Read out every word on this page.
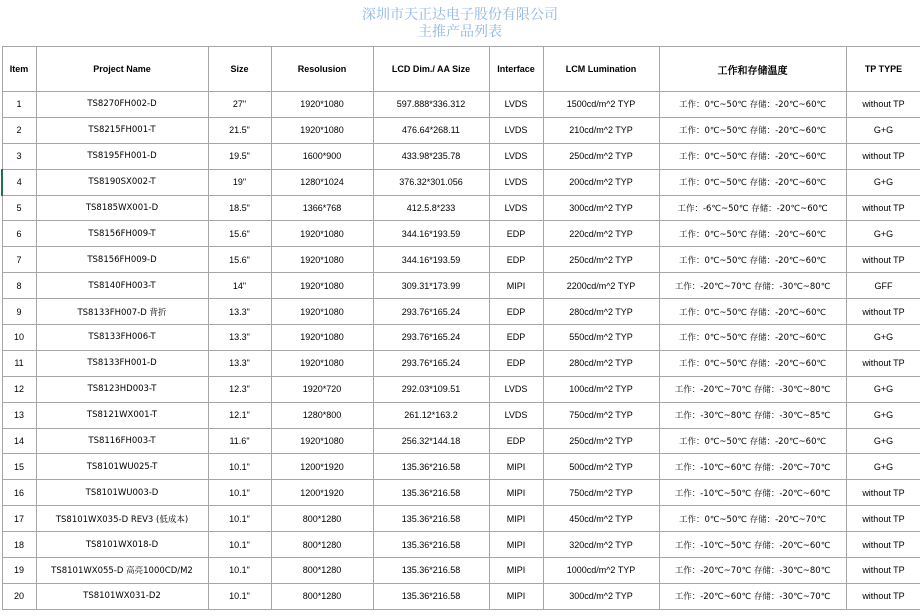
深圳市天正达电子股份有限公司
主推产品列表
Item	Project Name	Size	Resolusion	LCD Dim./ AA Size	Interface	LCM Lumination	工作和存储温度	TP TYPE
1	TS8270FH002-D	27"	1920*1080	597.888*336.312	LVDS	1500cd/m^2 TYP	工作：0℃~50℃ 存储：-20℃~60℃	without TP
2	TS8215FH001-T	21.5"	1920*1080	476.64*268.11	LVDS	210cd/m^2 TYP	工作：0℃~50℃ 存储：-20℃~60℃	G+G
3	TS8195FH001-D	19.5"	1600*900	433.98*235.78	LVDS	250cd/m^2 TYP	工作：0℃~50℃ 存储：-20℃~60℃	without TP
4	TS8190SX002-T	19"	1280*1024	376.32*301.056	LVDS	200cd/m^2 TYP	工作：0℃~50℃ 存储：-20℃~60℃	G+G
5	TS8185WX001-D	18.5"	1366*768	412.5.8*233	LVDS	300cd/m^2 TYP	工作：-6℃~50℃ 存储：-20℃~60℃	without TP
6	TS8156FH009-T	15.6"	1920*1080	344.16*193.59	EDP	220cd/m^2 TYP	工作：0℃~50℃ 存储：-20℃~60℃	G+G
7	TS8156FH009-D	15.6"	1920*1080	344.16*193.59	EDP	250cd/m^2 TYP	工作：0℃~50℃ 存储：-20℃~60℃	without TP
8	TS8140FH003-T	14"	1920*1080	309.31*173.99	MIPI	2200cd/m^2 TYP	工作：-20℃~70℃ 存储：-30℃~80℃	GFF
9	TS8133FH007-D 背折	13.3"	1920*1080	293.76*165.24	EDP	280cd/m^2 TYP	工作：0℃~50℃ 存储：-20℃~60℃	without TP
10	TS8133FH006-T	13.3"	1920*1080	293.76*165.24	EDP	550cd/m^2 TYP	工作：0℃~50℃ 存储：-20℃~60℃	G+G
11	TS8133FH001-D	13.3"	1920*1080	293.76*165.24	EDP	280cd/m^2 TYP	工作：0℃~50℃ 存储：-20℃~60℃	without TP
12	TS8123HD003-T	12.3"	1920*720	292.03*109.51	LVDS	100cd/m^2 TYP	工作：-20℃~70℃ 存储：-30℃~80℃	G+G
13	TS8121WX001-T	12.1"	1280*800	261.12*163.2	LVDS	750cd/m^2 TYP	工作：-30℃~80℃ 存储：-30℃~85℃	G+G
14	TS8116FH003-T	11.6"	1920*1080	256.32*144.18	EDP	250cd/m^2 TYP	工作：0℃~50℃ 存储：-20℃~60℃	G+G
15	TS8101WU025-T	10.1"	1200*1920	135.36*216.58	MIPI	500cd/m^2 TYP	工作：-10℃~60℃ 存储：-20℃~70℃	G+G
16	TS8101WU003-D	10.1"	1200*1920	135.36*216.58	MIPI	750cd/m^2 TYP	工作：-10℃~50℃ 存储：-20℃~60℃	without TP
17	TS8101WX035-D REV3 (低成本)	10.1"	800*1280	135.36*216.58	MIPI	450cd/m^2 TYP	工作：0℃~50℃ 存储：-20℃~70℃	without TP
18	TS8101WX018-D	10.1"	800*1280	135.36*216.58	MIPI	320cd/m^2 TYP	工作：-10℃~50℃ 存储：-20℃~60℃	without TP
19	TS8101WX055-D 高亮1000CD/M2	10.1"	800*1280	135.36*216.58	MIPI	1000cd/m^2 TYP	工作：-20℃~70℃ 存储：-30℃~80℃	without TP
20	TS8101WX031-D2	10.1"	800*1280	135.36*216.58	MIPI	300cd/m^2 TYP	工作：-20℃~60℃ 存储：-30℃~70℃	without TP
